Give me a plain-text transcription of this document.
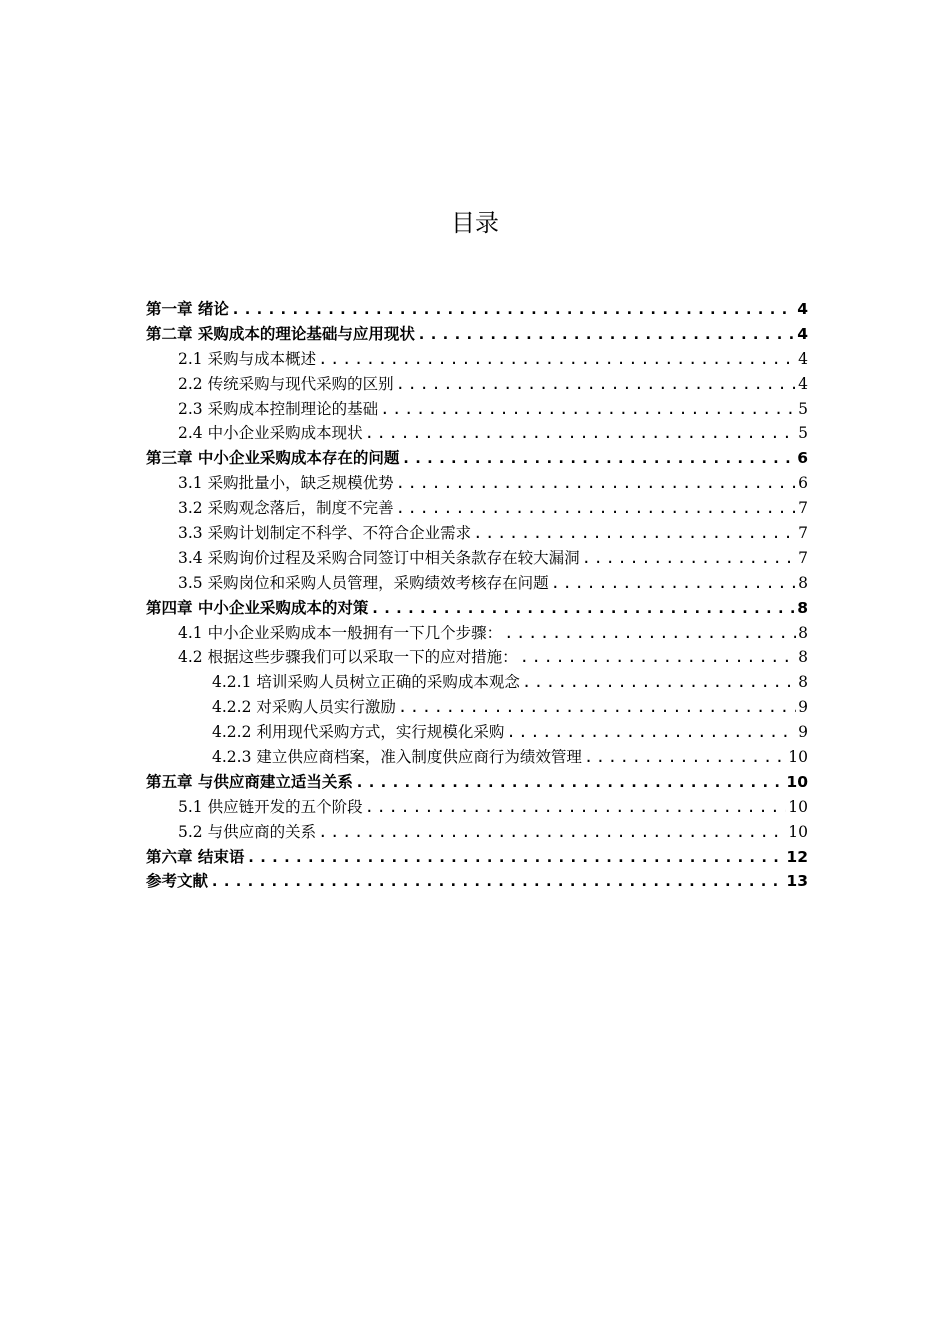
目录
第一章 绪论 .....	4
第二章 采购成本的理论基础与应用现状 .....	4
2.1 采购与成本概述 .....	4
2.2 传统采购与现代采购的区别 .....	4
2.3 采购成本控制理论的基础 .....	5
2.4 中小企业采购成本现状 .....	5
第三章 中小企业采购成本存在的问题 .....	6
3.1 采购批量小，缺乏规模优势 .....	6
3.2 采购观念落后，制度不完善 .....	7
3.3 采购计划制定不科学、不符合企业需求 .....	7
3.4 采购询价过程及采购合同签订中相关条款存在较大漏洞 .....	7
3.5 采购岗位和采购人员管理，采购绩效考核存在问题 .....	8
第四章 中小企业采购成本的对策 .....	8
4.1 中小企业采购成本一般拥有一下几个步骤： .....	8
4.2 根据这些步骤我们可以采取一下的应对措施： .....	8
4.2.1 培训采购人员树立正确的采购成本观念 .....	8
4.2.2 对采购人员实行激励 .....	9
4.2.2 利用现代采购方式，实行规模化采购 .....	9
4.2.3 建立供应商档案，准入制度供应商行为绩效管理 .....	10
第五章 与供应商建立适当关系 .....	10
5.1 供应链开发的五个阶段 .....	10
5.2 与供应商的关系 .....	10
第六章 结束语 .....	12
参考文献 .....	13
